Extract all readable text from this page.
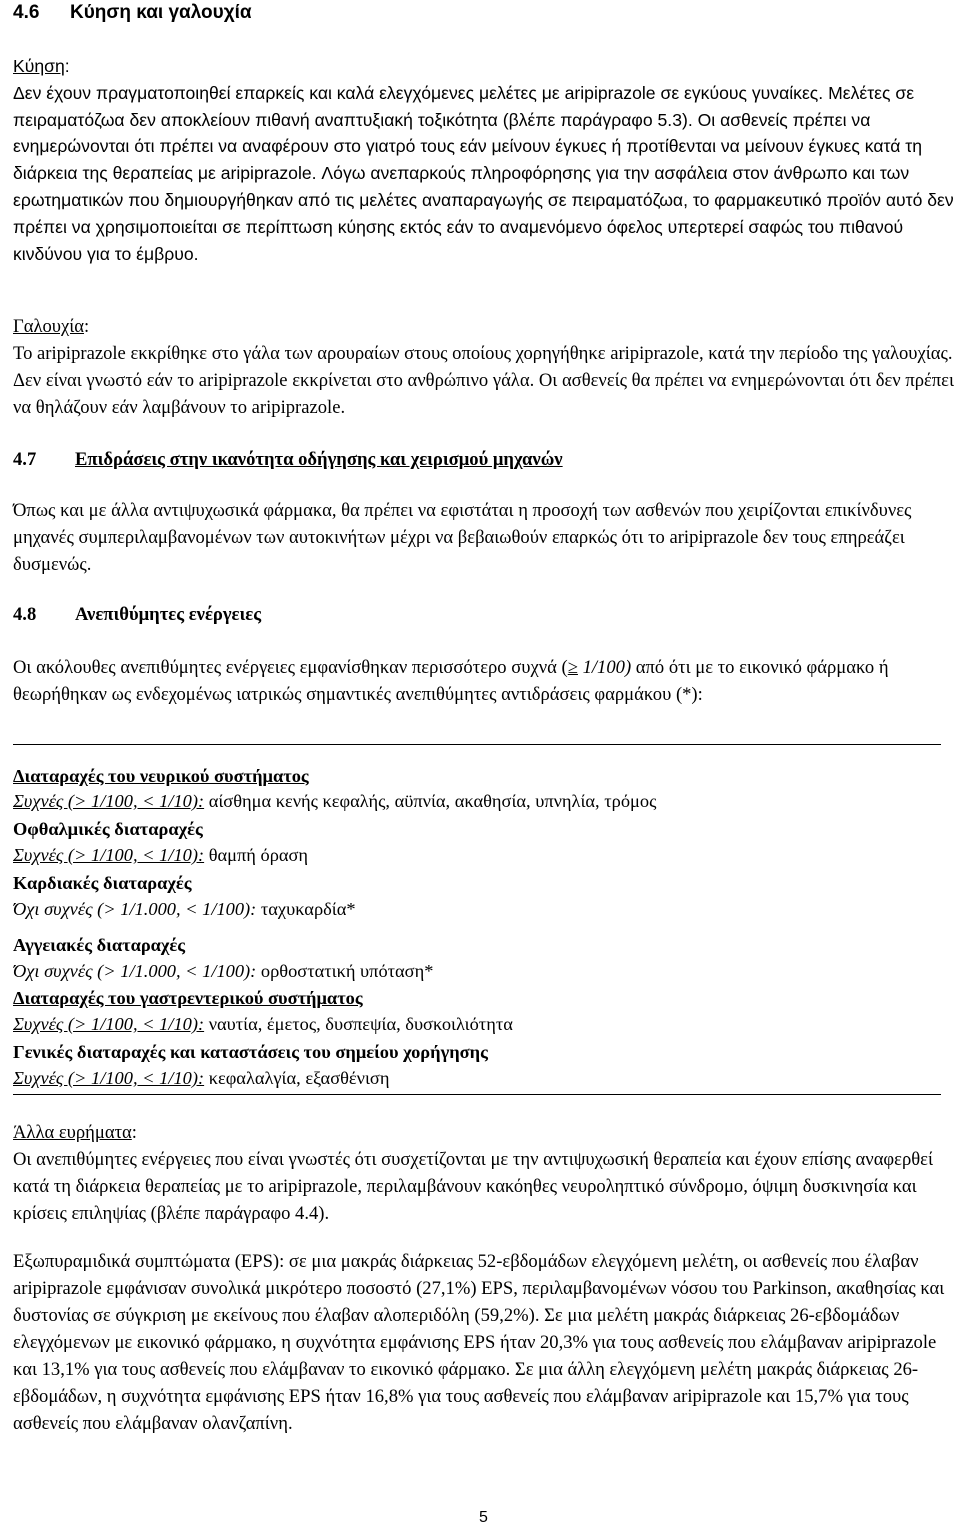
4.6 Κύηση και γαλουχία
Κύηση:
Δεν έχουν πραγματοποιηθεί επαρκείς και καλά ελεγχόμενες μελέτες με aripiprazole σε εγκύους γυναίκες. Μελέτες σε πειραματόζωα δεν αποκλείουν πιθανή αναπτυξιακή τοξικότητα (βλέπε παράγραφο 5.3). Οι ασθενείς πρέπει να ενημερώνονται ότι πρέπει να αναφέρουν στο γιατρό τους εάν μείνουν έγκυες ή προτίθενται να μείνουν έγκυες κατά τη διάρκεια της θεραπείας με aripiprazole. Λόγω ανεπαρκούς πληροφόρησης για την ασφάλεια στον άνθρωπο και των ερωτηματικών που δημιουργήθηκαν από τις μελέτες αναπαραγωγής σε πειραματόζωα, το φαρμακευτικό προϊόν αυτό δεν πρέπει να χρησιμοποιείται σε περίπτωση κύησης εκτός εάν το αναμενόμενο όφελος υπερτερεί σαφώς του πιθανού κινδύνου για το έμβρυο.
Γαλουχία:
Το aripiprazole εκκρίθηκε στο γάλα των αρουραίων στους οποίους χορηγήθηκε aripiprazole, κατά την περίοδο της γαλουχίας. Δεν είναι γνωστό εάν το aripiprazole εκκρίνεται στο ανθρώπινο γάλα. Οι ασθενείς θα πρέπει να ενημερώνονται ότι δεν πρέπει να θηλάζουν εάν λαμβάνουν το aripiprazole.
4.7 Επιδράσεις στην ικανότητα οδήγησης και χειρισμού μηχανών
Όπως και με άλλα αντιψυχωσικά φάρμακα, θα πρέπει να εφιστάται η προσοχή των ασθενών που χειρίζονται επικίνδυνες μηχανές συμπεριλαμβανομένων των αυτοκινήτων μέχρι να βεβαιωθούν επαρκώς ότι το aripiprazole δεν τους επηρεάζει δυσμενώς.
4.8 Ανεπιθύμητες ενέργειες
Οι ακόλουθες ανεπιθύμητες ενέργειες εμφανίσθηκαν περισσότερο συχνά (≥ 1/100) από ότι με το εικονικό φάρμακο ή θεωρήθηκαν ως ενδεχομένως ιατρικώς σημαντικές ανεπιθύμητες αντιδράσεις φαρμάκου (*):
Διαταραχές του νευρικού συστήματος
Συχνές (> 1/100, < 1/10): αίσθημα κενής κεφαλής, αϋπνία, ακαθησία, υπνηλία, τρόμος
Οφθαλμικές διαταραχές
Συχνές (> 1/100, < 1/10): θαμπή όραση
Καρδιακές διαταραχές
Όχι συχνές (> 1/1.000, < 1/100): ταχυκαρδία*
Αγγειακές διαταραχές
Όχι συχνές (> 1/1.000, < 1/100): ορθοστατική υπόταση*
Διαταραχές του γαστρεντερικού συστήματος
Συχνές (> 1/100, < 1/10): ναυτία, έμετος, δυσπεψία, δυσκοιλιότητα
Γενικές διαταραχές και καταστάσεις του σημείου χορήγησης
Συχνές (> 1/100, < 1/10): κεφαλαλγία, εξασθένιση
Άλλα ευρήματα:
Οι ανεπιθύμητες ενέργειες που είναι γνωστές ότι συσχετίζονται με την αντιψυχωσική θεραπεία και έχουν επίσης αναφερθεί κατά τη διάρκεια θεραπείας με το aripiprazole, περιλαμβάνουν κακόηθες νευροληπτικό σύνδρομο, όψιμη δυσκινησία και κρίσεις επιληψίας (βλέπε παράγραφο 4.4).
Εξωπυραμιδικά συμπτώματα (EPS): σε μια μακράς διάρκειας 52-εβδομάδων ελεγχόμενη μελέτη, οι ασθενείς που έλαβαν aripiprazole εμφάνισαν συνολικά μικρότερο ποσοστό (27,1%) EPS, περιλαμβανομένων νόσου του Parkinson, ακαθησίας και δυστονίας σε σύγκριση με εκείνους που έλαβαν αλοπεριδόλη (59,2%). Σε μια μελέτη μακράς διάρκειας 26-εβδομάδων ελεγχόμενων με εικονικό φάρμακο, η συχνότητα εμφάνισης EPS ήταν 20,3% για τους ασθενείς που ελάμβαναν aripiprazole και 13,1% για τους ασθενείς που ελάμβαναν το εικονικό φάρμακο. Σε μια άλλη ελεγχόμενη μελέτη μακράς διάρκειας 26-εβδομάδων, η συχνότητα εμφάνισης EPS ήταν 16,8% για τους ασθενείς που ελάμβαναν aripiprazole και 15,7% για τους ασθενείς που ελάμβαναν ολανζαπίνη.
5
